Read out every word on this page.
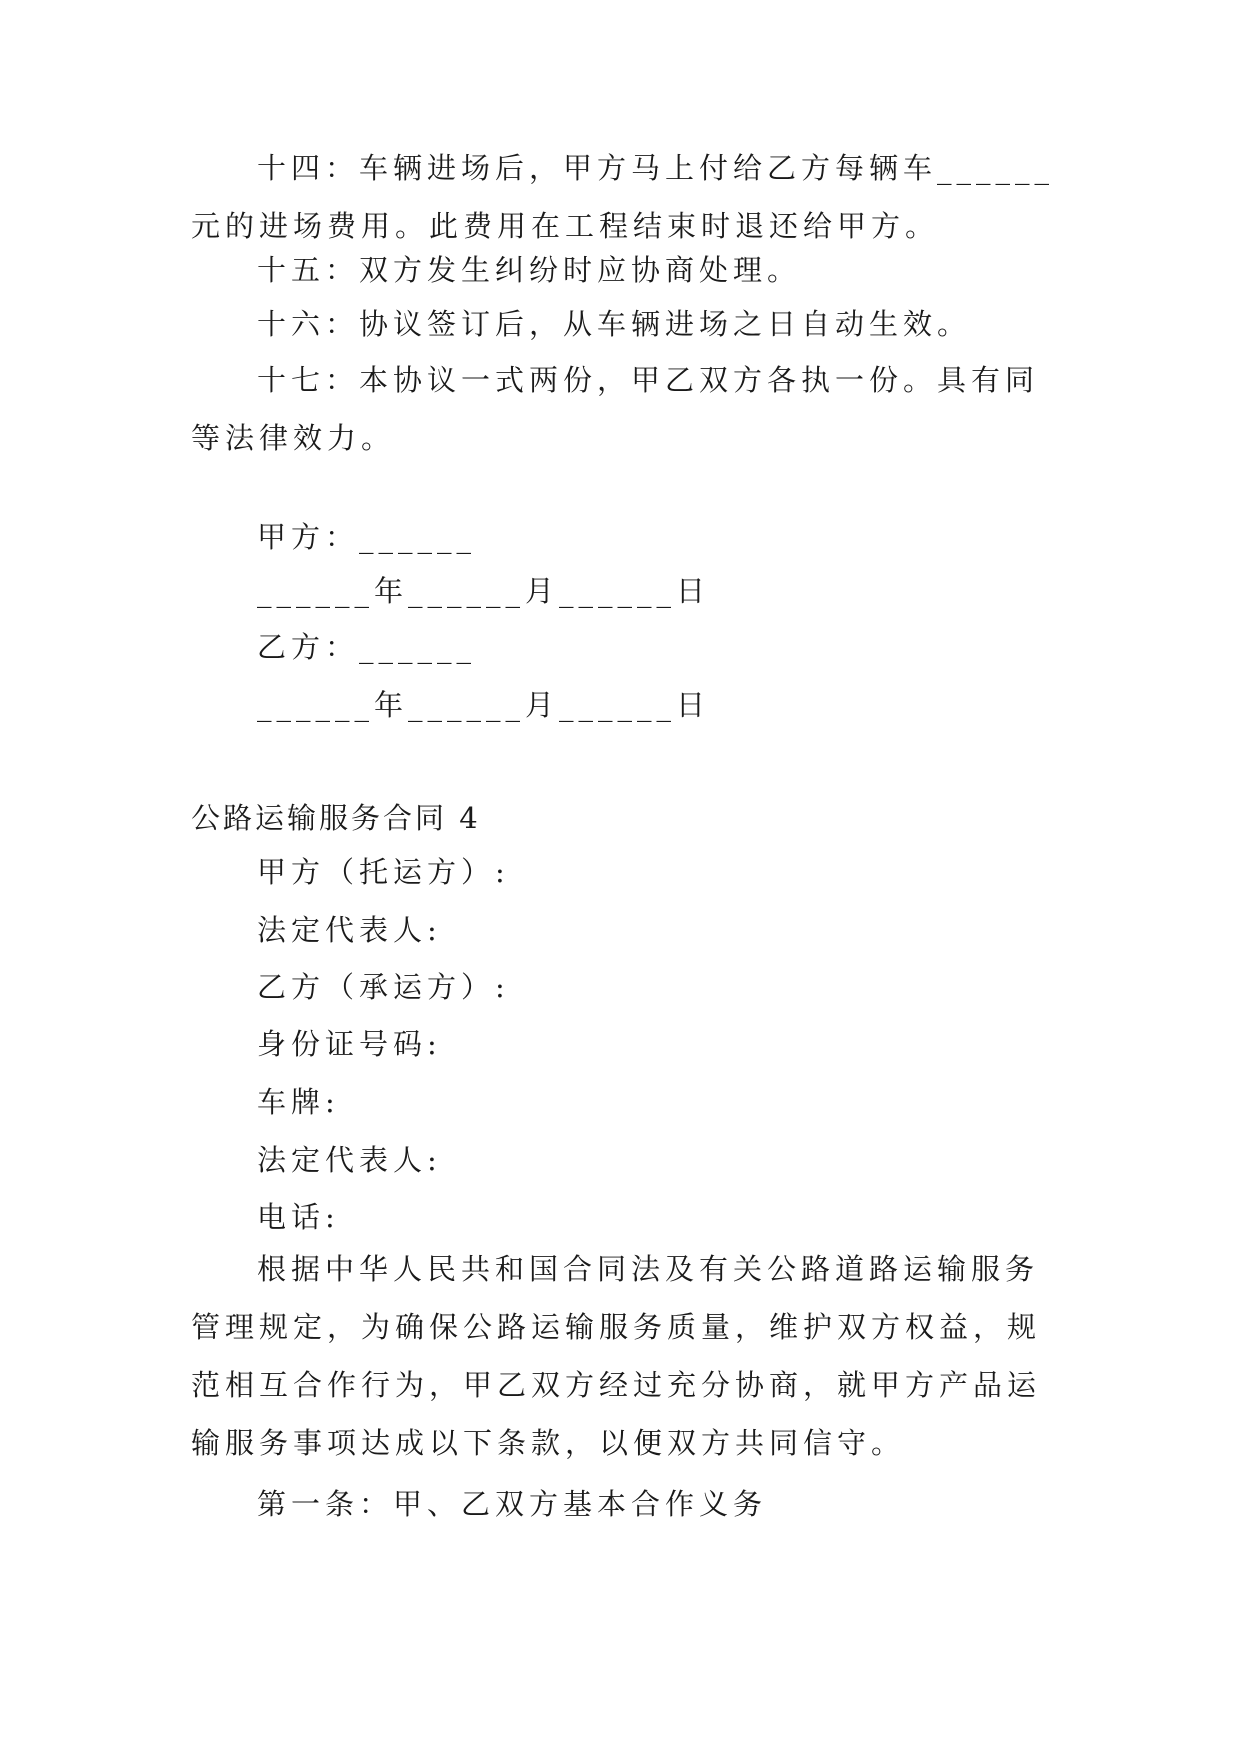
十四：车辆进场后，甲方马上付给乙方每辆车______元的进场费用。此费用在工程结束时退还给甲方。
十五：双方发生纠纷时应协商处理。
十六：协议签订后，从车辆进场之日自动生效。
十七：本协议一式两份，甲乙双方各执一份。具有同等法律效力。
甲方：______
______年______月______日
乙方：______
______年______月______日
公路运输服务合同 4
甲方（托运方）:
法定代表人:
乙方（承运方）:
身份证号码:
车牌:
法定代表人:
电话:
根据中华人民共和国合同法及有关公路道路运输服务管理规定，为确保公路运输服务质量，维护双方权益，规范相互合作行为，甲乙双方经过充分协商，就甲方产品运输服务事项达成以下条款，以便双方共同信守。
第一条：甲、乙双方基本合作义务
